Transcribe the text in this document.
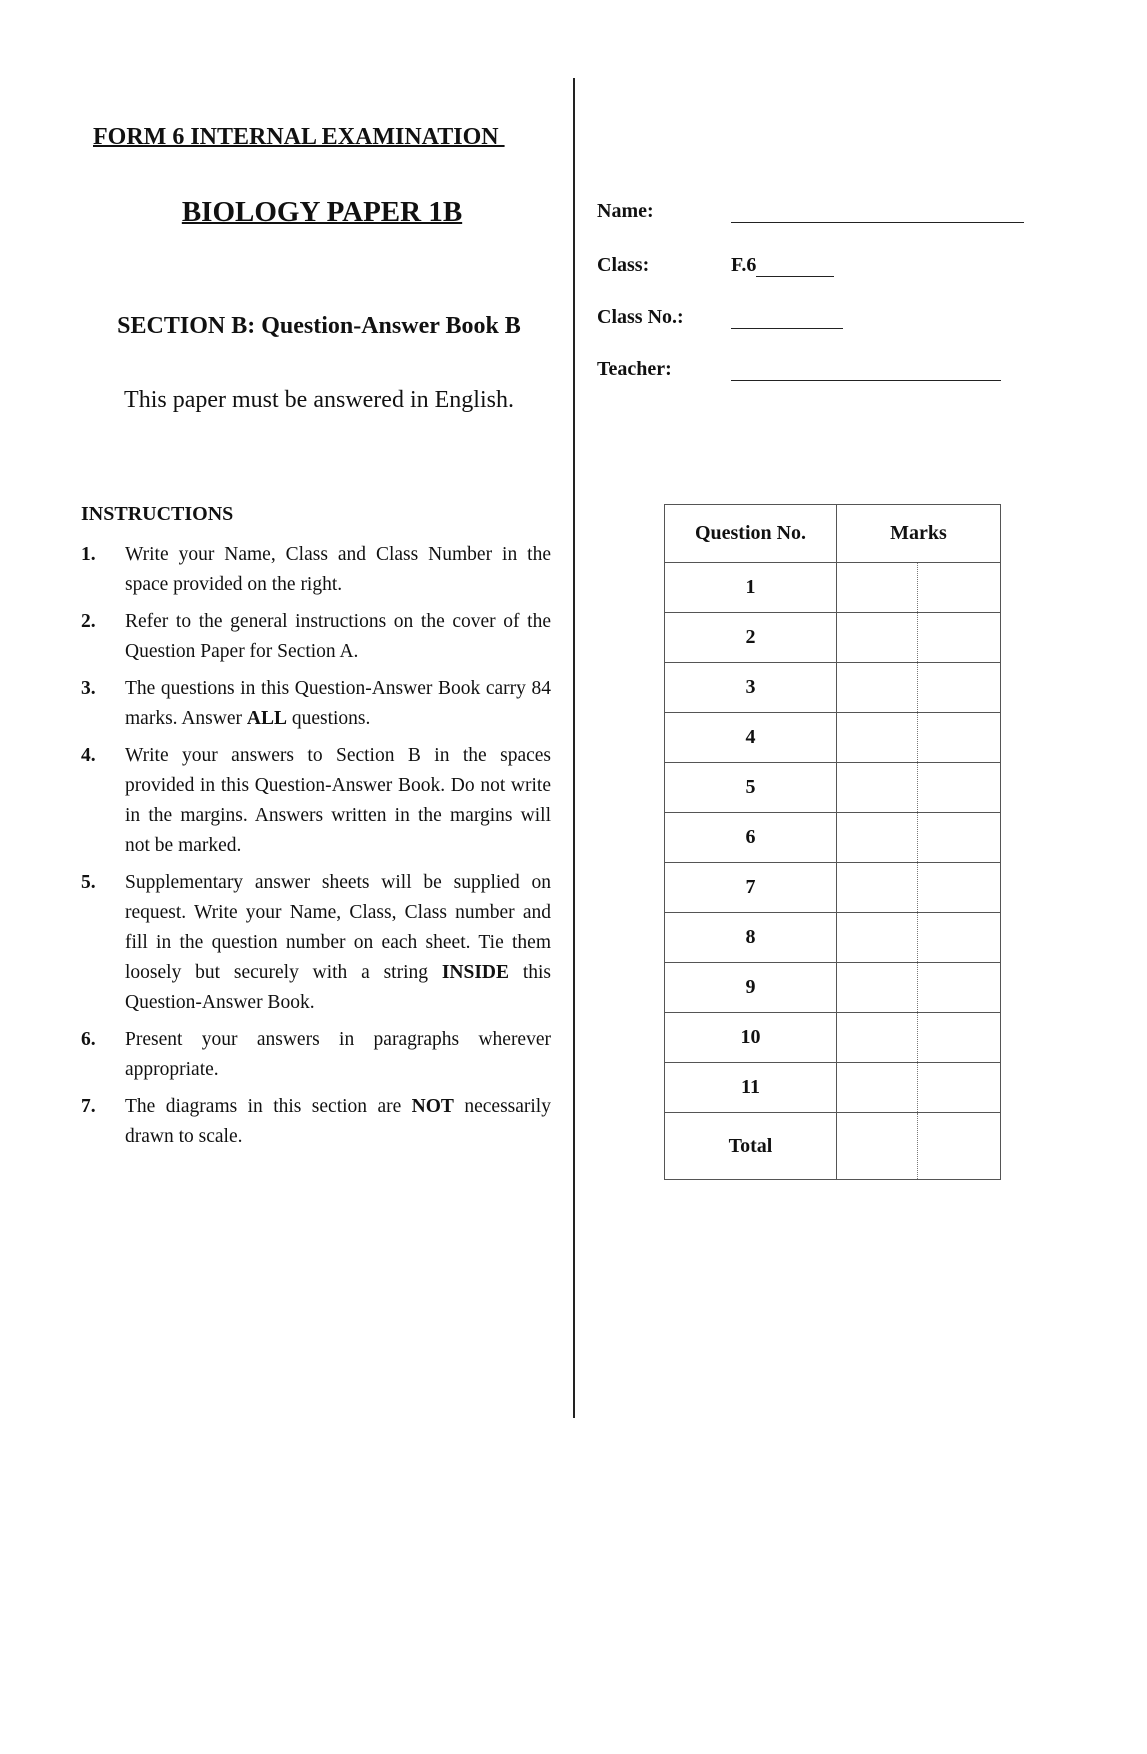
FORM 6 INTERNAL EXAMINATION
BIOLOGY PAPER 1B
SECTION B: Question-Answer Book B
This paper must be answered in English.
Name:
Class:	F.6
Class No.:
Teacher:
INSTRUCTIONS
1.	Write your Name, Class and Class Number in the space provided on the right.
2.	Refer to the general instructions on the cover of the Question Paper for Section A.
3.	The questions in this Question-Answer Book carry 84 marks. Answer ALL questions.
4.	Write your answers to Section B in the spaces provided in this Question-Answer Book. Do not write in the margins. Answers written in the margins will not be marked.
5.	Supplementary answer sheets will be supplied on request. Write your Name, Class, Class number and fill in the question number on each sheet. Tie them loosely but securely with a string INSIDE this Question-Answer Book.
6.	Present your answers in paragraphs wherever appropriate.
7.	The diagrams in this section are NOT necessarily drawn to scale.
Question No.	Marks	
1		
2		
3		
4		
5		
6		
7		
8		
9		
10		
11		
Total		
